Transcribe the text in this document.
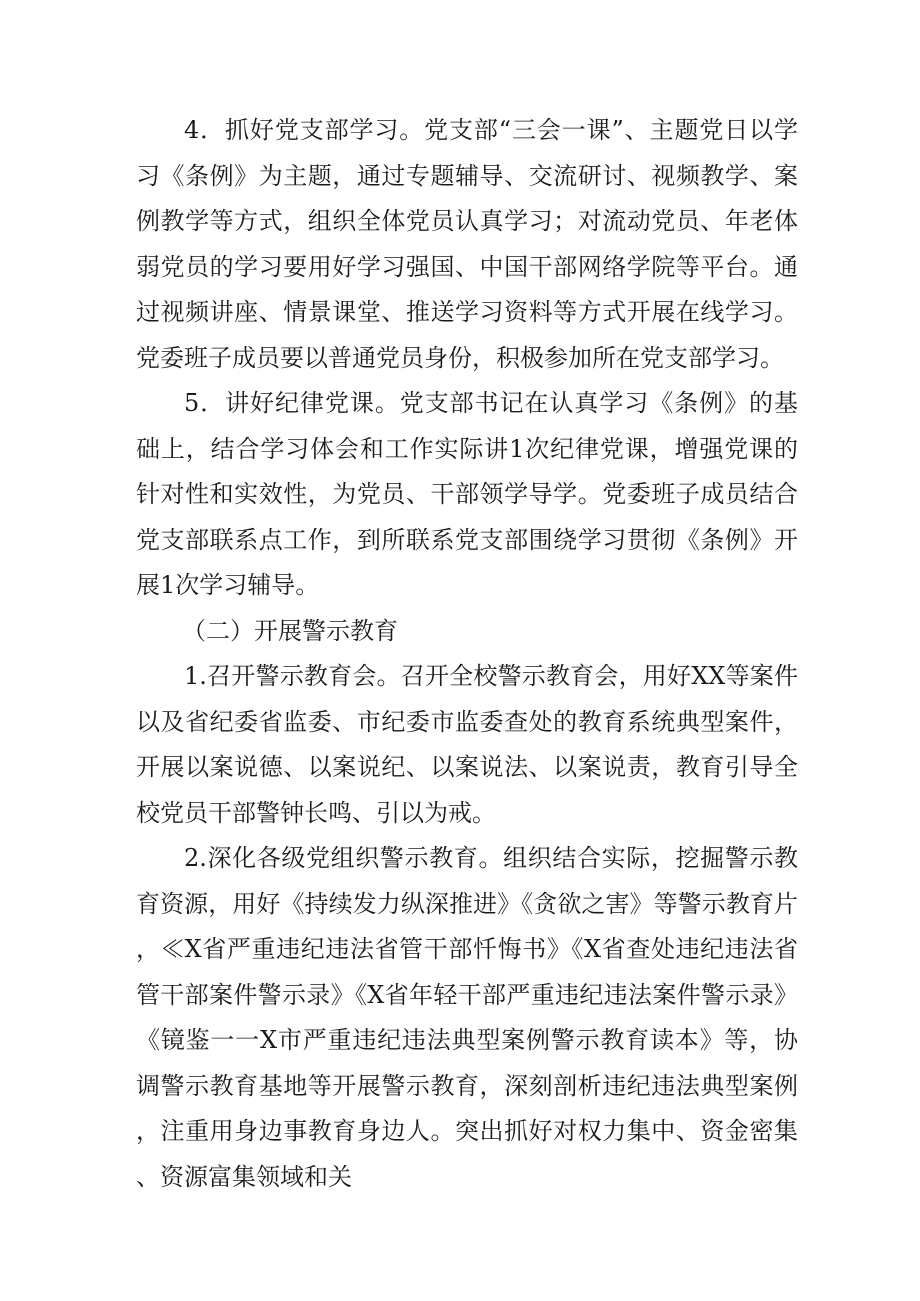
4．抓好党支部学习。党支部“三会一课”、主题党日以学习《条例》为主题，通过专题辅导、交流研讨、视频教学、案例教学等方式，组织全体党员认真学习；对流动党员、年老体弱党员的学习要用好学习强国、中国干部网络学院等平台。通过视频讲座、情景课堂、推送学习资料等方式开展在线学习。党委班子成员要以普通党员身份，积极参加所在党支部学习。

5．讲好纪律党课。党支部书记在认真学习《条例》的基础上，结合学习体会和工作实际讲1次纪律党课，增强党课的针对性和实效性，为党员、干部领学导学。党委班子成员结合党支部联系点工作，到所联系党支部围绕学习贯彻《条例》开展1次学习辅导。

（二）开展警示教育

1.召开警示教育会。召开全校警示教育会，用好XX等案件以及省纪委省监委、市纪委市监委查处的教育系统典型案件，开展以案说德、以案说纪、以案说法、以案说责，教育引导全校党员干部警钟长鸣、引以为戒。

2.深化各级党组织警示教育。组织结合实际，挖掘警示教育资源，用好《持续发力纵深推进》《贪欲之害》等警示教育片，≪X省严重违纪违法省管干部忏悔书》《X省查处违纪违法省管干部案件警示录》《X省年轻干部严重违纪违法案件警示录》《镜鉴一一X市严重违纪违法典型案例警示教育读本》等，协调警示教育基地等开展警示教育，深刻剖析违纪违法典型案例，注重用身边事教育身边人。突出抓好对权力集中、资金密集、资源富集领域和关
